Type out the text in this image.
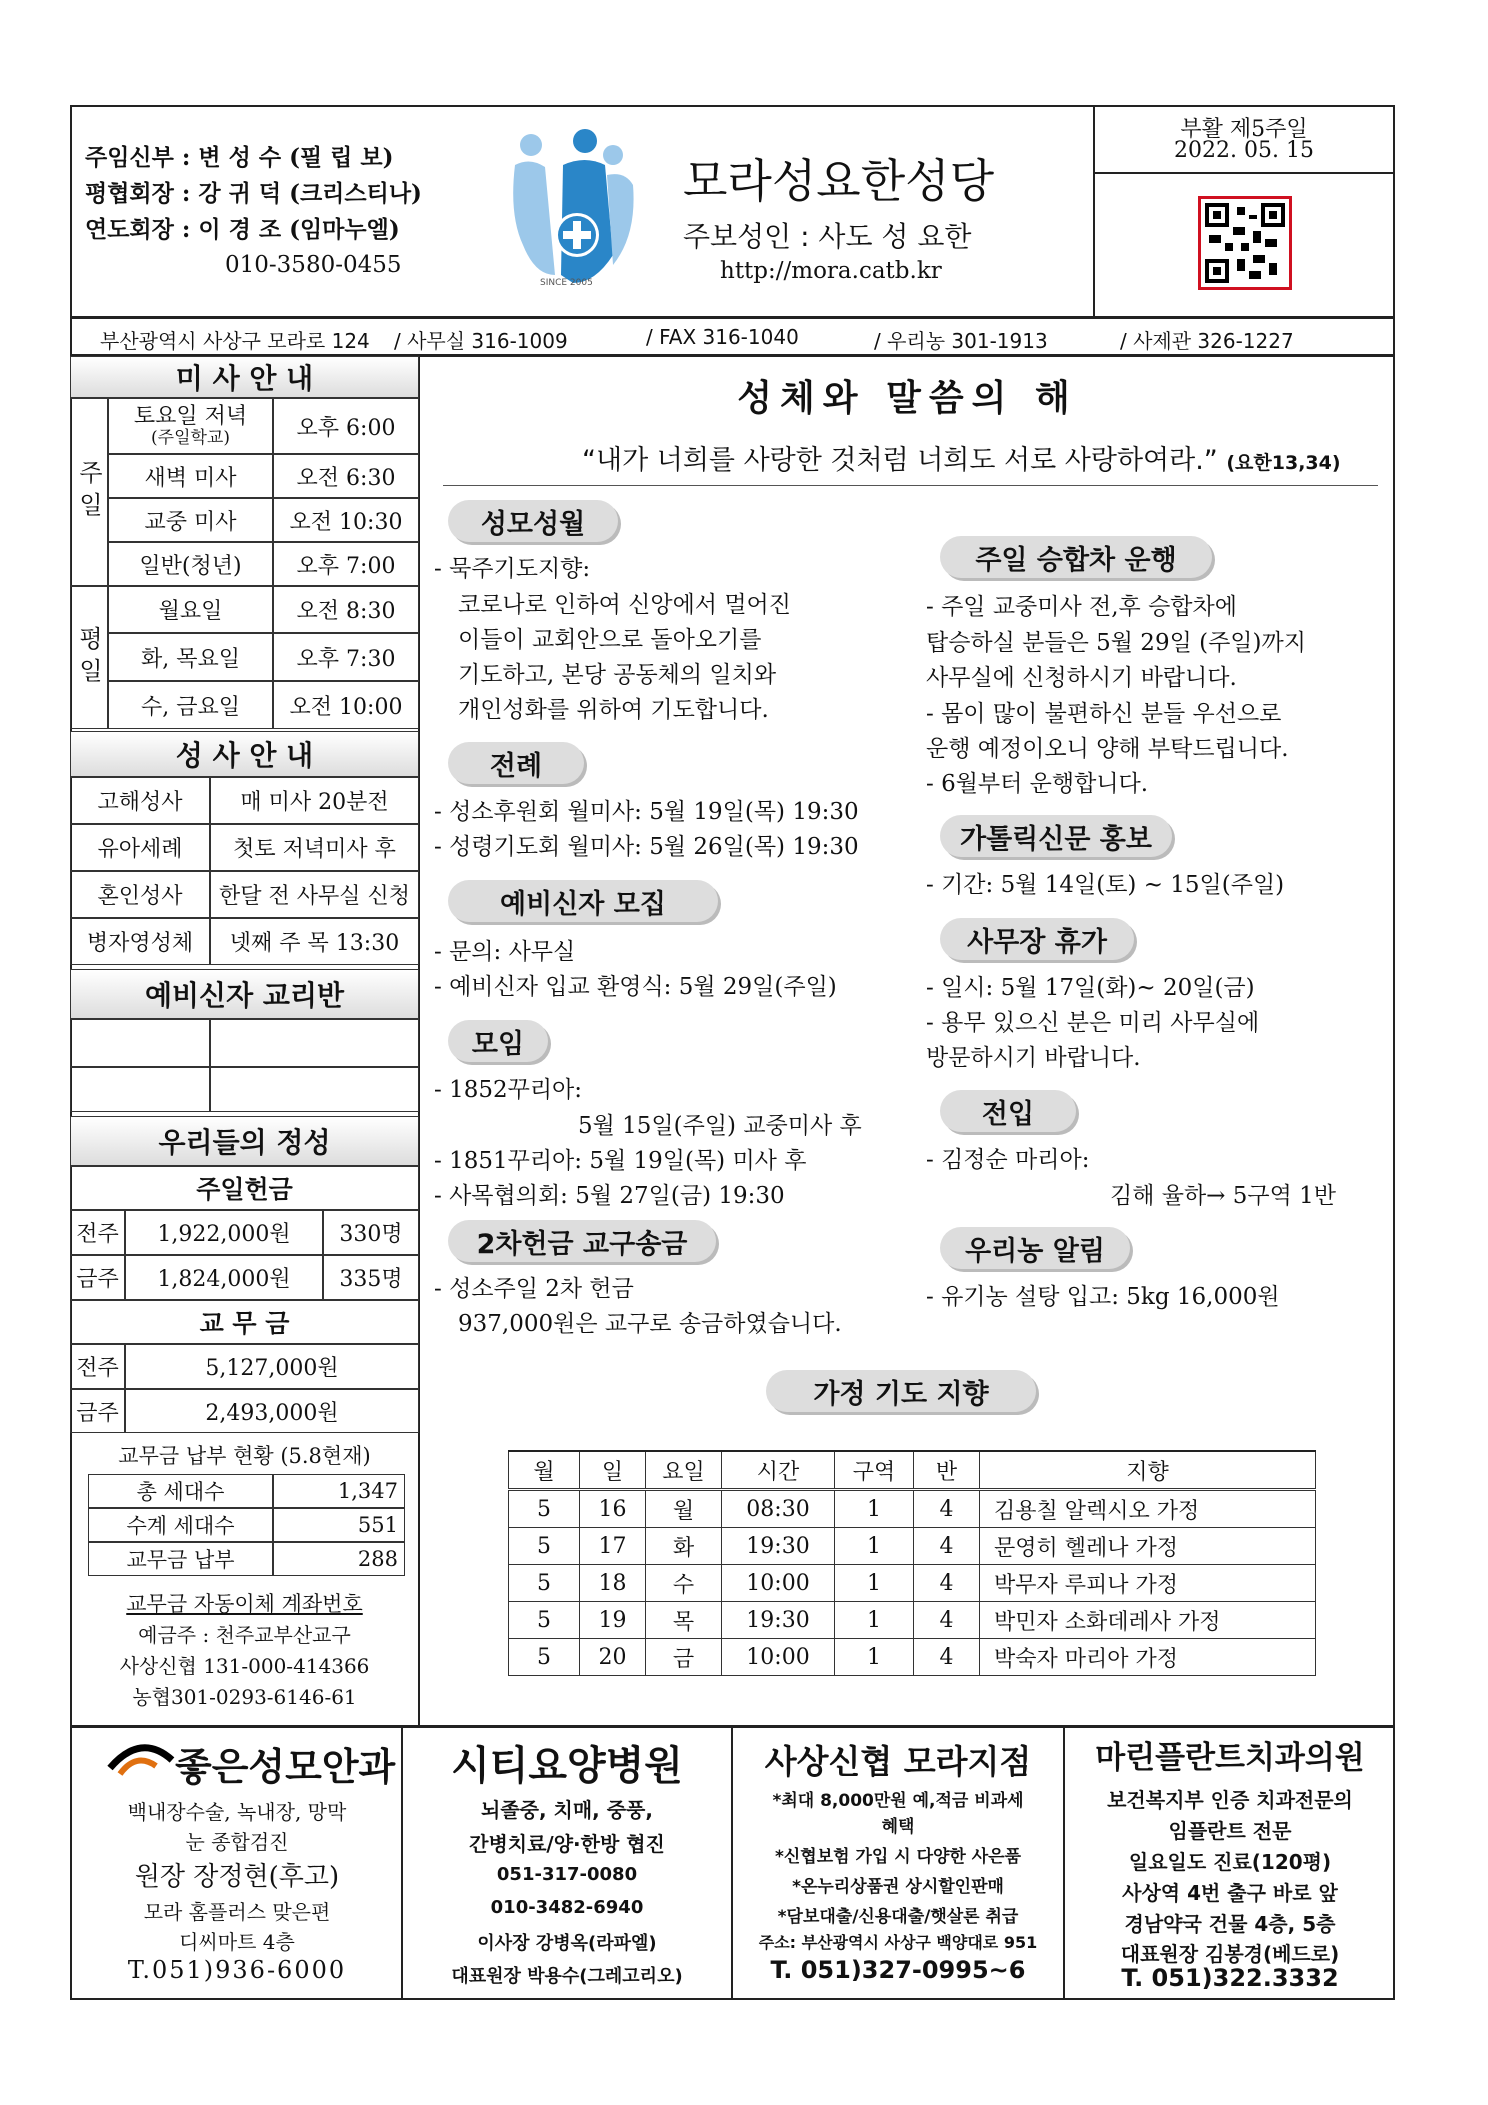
주임신부 : 변 성 수 (필 립 보)
평협회장 : 강 귀 덕 (크리스티나)
연도회장 : 이 경 조 (임마누엘)
010-3580-0455
SINCE 2005
모라성요한성당
주보성인 : 사도 성 요한
http://mora.catb.kr
부활 제5주일
2022. 05. 15
부산광역시 사상구 모라로 124 / 사무실 316-1009	/ FAX 316-1040	/ 우리농 301-1913	/ 사제관 326-1227
미 사 안 내
주일
토요일 저녁
(주일학교)	오후 6:00
새벽 미사	오전 6:30
교중 미사	오전 10:30
일반(청년)	오후 7:00
평일
월요일	오전 8:30
화, 목요일	오후 7:30
수, 금요일	오전 10:00
성 사 안 내
고해성사	매 미사 20분전
유아세례	첫토 저녁미사 후
혼인성사	한달 전 사무실 신청
병자영성체	넷째 주 목 13:30
예비신자 교리반
우리들의 정성
주일헌금
전주	1,922,000원	330명
금주	1,824,000원	335명
교 무 금
전주	5,127,000원
금주	2,493,000원
교무금 납부 현황 (5.8현재)
총 세대수	1,347
수계 세대수	551
교무금 납부	288
교무금 자동이체 계좌번호
예금주 : 천주교부산교구
사상신협 131-000-414366
농협301-0293-6146-61
성체와 말씀의 해
“내가 너희를 사랑한 것처럼 너희도 서로 사랑하여라.” (요한13,34)
성모성월
- 묵주기도지향:
코로나로 인하여 신앙에서 멀어진
이들이 교회안으로 돌아오기를
기도하고, 본당 공동체의 일치와
개인성화를 위하여 기도합니다.
전례
- 성소후원회 월미사: 5월 19일(목) 19:30
- 성령기도회 월미사: 5월 26일(목) 19:30
예비신자 모집
- 문의: 사무실
- 예비신자 입교 환영식: 5월 29일(주일)
모임
- 1852꾸리아:
5월 15일(주일) 교중미사 후
- 1851꾸리아: 5월 19일(목) 미사 후
- 사목협의회: 5월 27일(금) 19:30
2차헌금 교구송금
- 성소주일 2차 헌금
937,000원은 교구로 송금하였습니다.
주일 승합차 운행
- 주일 교중미사 전,후 승합차에
탑승하실 분들은 5월 29일 (주일)까지
사무실에 신청하시기 바랍니다.
- 몸이 많이 불편하신 분들 우선으로
운행 예정이오니 양해 부탁드립니다.
- 6월부터 운행합니다.
가톨릭신문 홍보
- 기간: 5월 14일(토) ~ 15일(주일)
사무장 휴가
- 일시: 5월 17일(화)~ 20일(금)
- 용무 있으신 분은 미리 사무실에
방문하시기 바랍니다.
전입
- 김정순 마리아:
김해 율하→ 5구역 1반
우리농 알림
- 유기농 설탕 입고: 5kg 16,000원
가정 기도 지향
월	일	요일	시간	구역	반	지향
5	16	월	08:30	1	4	김용칠 알렉시오 가정
5	17	화	19:30	1	4	문영히 헬레나 가정
5	18	수	10:00	1	4	박무자 루피나 가정
5	19	목	19:30	1	4	박민자 소화데레사 가정
5	20	금	10:00	1	4	박숙자 마리아 가정
좋은성모안과
백내장수술, 녹내장, 망막
눈 종합검진
원장 장정현(후고)
모라 홈플러스 맞은편
디씨마트 4층
T.051)936-6000
시티요양병원
뇌졸중, 치매, 중풍,
간병치료/양·한방 협진
051-317-0080
010-3482-6940
이사장 강병옥(라파엘)
대표원장 박용수(그레고리오)
사상신협 모라지점
*최대 8,000만원 예,적금 비과세
혜택
*신협보험 가입 시 다양한 사은품
*온누리상품권 상시할인판매
*담보대출/신용대출/햇살론 취급
주소: 부산광역시 사상구 백양대로 951
T. 051)327-0995~6
마린플란트치과의원
보건복지부 인증 치과전문의
임플란트 전문
일요일도 진료(120평)
사상역 4번 출구 바로 앞
경남약국 건물 4층, 5층
대표원장 김봉경(베드로)
T. 051)322.3332
